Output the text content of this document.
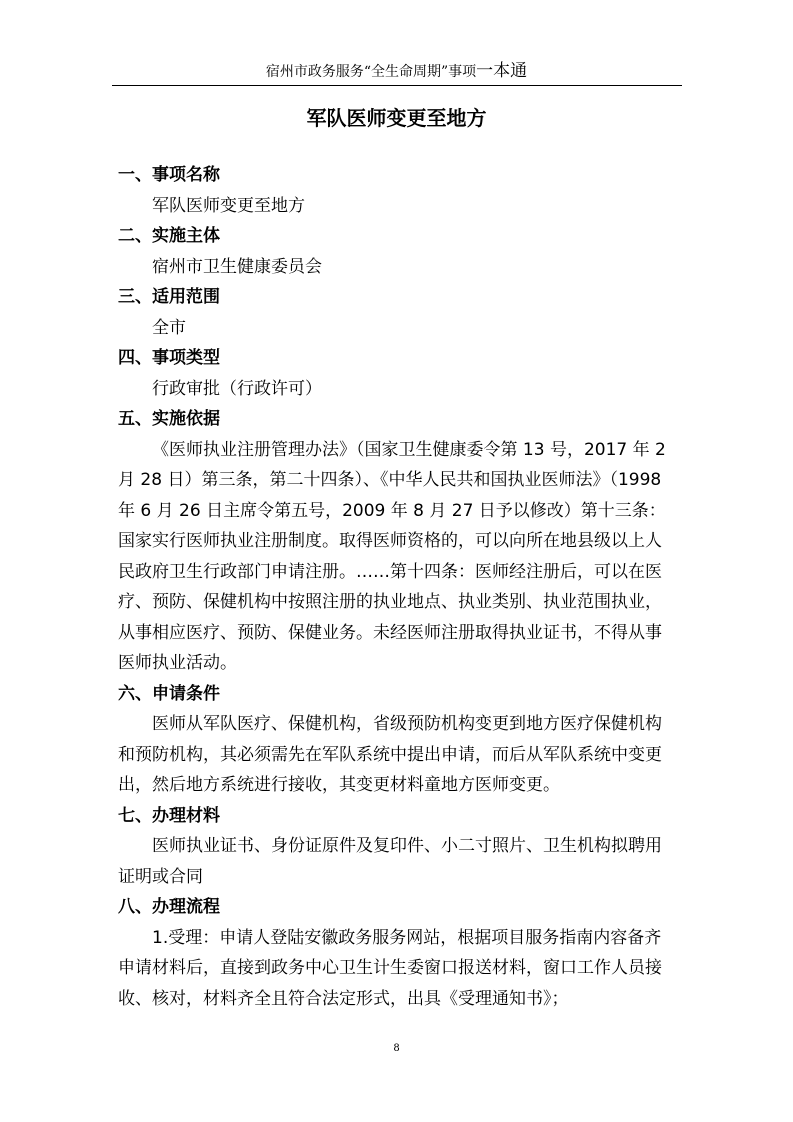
宿州市政务服务“全生命周期”事项一本通
军队医师变更至地方

一、事项名称

军队医师变更至地方

二、实施主体

宿州市卫生健康委员会

三、适用范围

全市

四、事项类型

行政审批（行政许可）

五、实施依据

《医师执业注册管理办法》（国家卫生健康委令第 13 号，2017 年 2 月 28 日）第三条，第二十四条）、《中华人民共和国执业医师法》（1998 年 6 月 26 日主席令第五号，2009 年 8 月 27 日予以修改）第十三条：国家实行医师执业注册制度。取得医师资格的，可以向所在地县级以上人民政府卫生行政部门申请注册。……第十四条：医师经注册后，可以在医疗、预防、保健机构中按照注册的执业地点、执业类别、执业范围执业，从事相应医疗、预防、保健业务。未经医师注册取得执业证书，不得从事医师执业活动。

六、申请条件

医师从军队医疗、保健机构，省级预防机构变更到地方医疗保健机构和预防机构，其必须需先在军队系统中提出申请，而后从军队系统中变更出，然后地方系统进行接收，其变更材料童地方医师变更。

七、办理材料

医师执业证书、身份证原件及复印件、小二寸照片、卫生机构拟聘用证明或合同

八、办理流程

1.受理：申请人登陆安徽政务服务网站，根据项目服务指南内容备齐申请材料后，直接到政务中心卫生计生委窗口报送材料，窗口工作人员接收、核对，材料齐全且符合法定形式，出具《受理通知书》；

8
